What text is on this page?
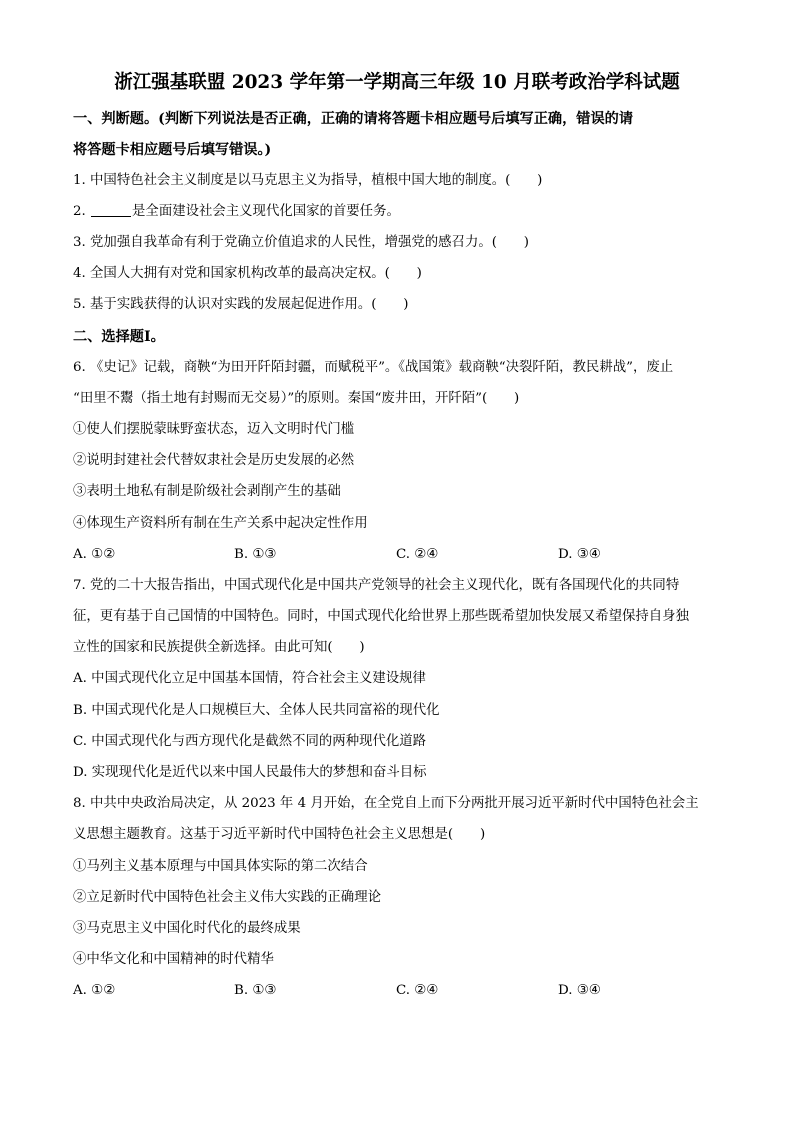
浙江强基联盟 2023 学年第一学期高三年级 10 月联考政治学科试题
一、判断题。(判断下列说法是否正确，正确的请将答题卡相应题号后填写正确，错误的请
将答题卡相应题号后填写错误。)
1. 中国特色社会主义制度是以马克思主义为指导，植根中国大地的制度。(　　)
2.	是全面建设社会主义现代化国家的首要任务。
3. 党加强自我革命有利于党确立价值追求的人民性，增强党的感召力。(　　)
4. 全国人大拥有对党和国家机构改革的最高决定权。(　　)
5. 基于实践获得的认识对实践的发展起促进作用。(　　)
二、选择题Ⅰ。
6. 《史记》记载，商鞅“为田开阡陌封疆，而赋税平”。《战国策》载商鞅“决裂阡陌，教民耕战”，废止
“田里不鬻（指土地有封赐而无交易）”的原则。秦国“废井田，开阡陌”(　　)
①使人们摆脱蒙昧野蛮状态，迈入文明时代门槛
②说明封建社会代替奴隶社会是历史发展的必然
③表明土地私有制是阶级社会剥削产生的基础
④体现生产资料所有制在生产关系中起决定性作用
A. ①②	B. ①③	C. ②④	D. ③④
7. 党的二十大报告指出，中国式现代化是中国共产党领导的社会主义现代化，既有各国现代化的共同特
征，更有基于自己国情的中国特色。同时，中国式现代化给世界上那些既希望加快发展又希望保持自身独
立性的国家和民族提供全新选择。由此可知(　　)
A. 中国式现代化立足中国基本国情，符合社会主义建设规律
B. 中国式现代化是人口规模巨大、全体人民共同富裕的现代化
C. 中国式现代化与西方现代化是截然不同的两种现代化道路
D. 实现现代化是近代以来中国人民最伟大的梦想和奋斗目标
8. 中共中央政治局决定，从 2023 年 4 月开始，在全党自上而下分两批开展习近平新时代中国特色社会主
义思想主题教育。这基于习近平新时代中国特色社会主义思想是(　　)
①马列主义基本原理与中国具体实际的第二次结合
②立足新时代中国特色社会主义伟大实践的正确理论
③马克思主义中国化时代化的最终成果
④中华文化和中国精神的时代精华
A. ①②	B. ①③	C. ②④	D. ③④
